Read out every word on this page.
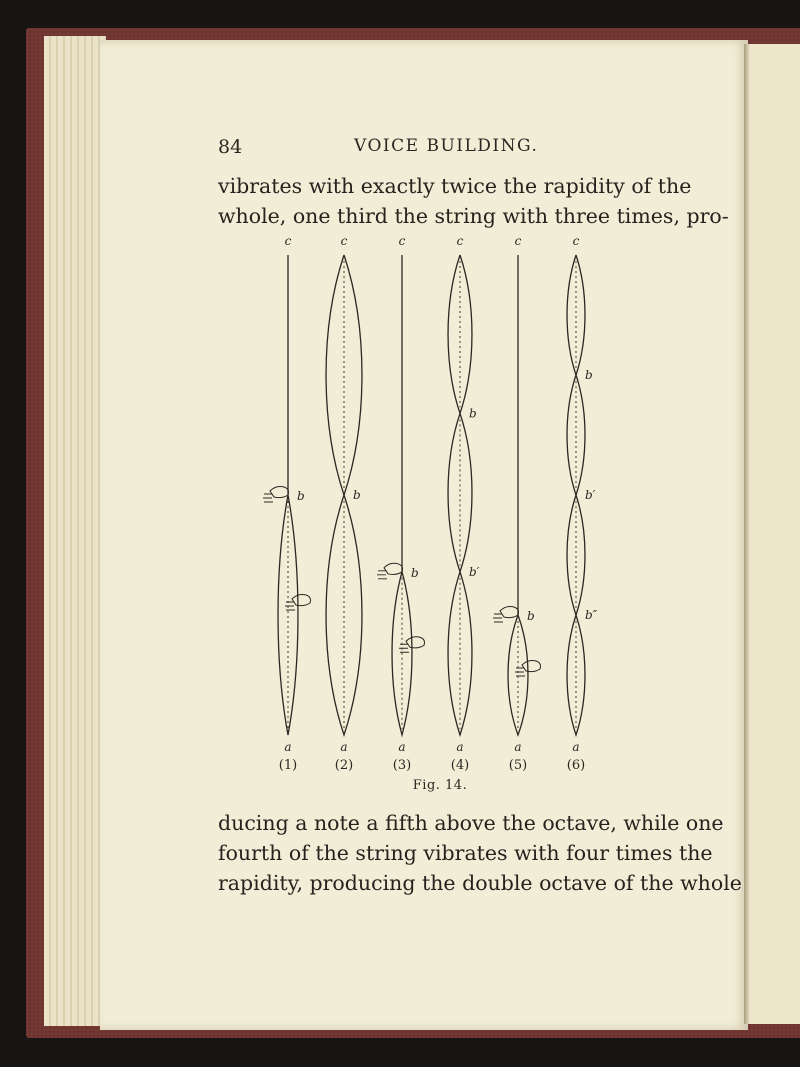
84	VOICE BUILDING.

vibrates with exactly twice the rapidity of the
whole, one third the string with three times, pro-

c
a
(1)
b
c
a
(2)
b
c
a
(3)
b
c
a
(4)
b
b′
c
a
(5)
b
c
a
(6)
b
b′
b″
Fig. 14.

ducing a note a fifth above the octave, while one
fourth of the string vibrates with four times the
rapidity, producing the double octave of the whole
